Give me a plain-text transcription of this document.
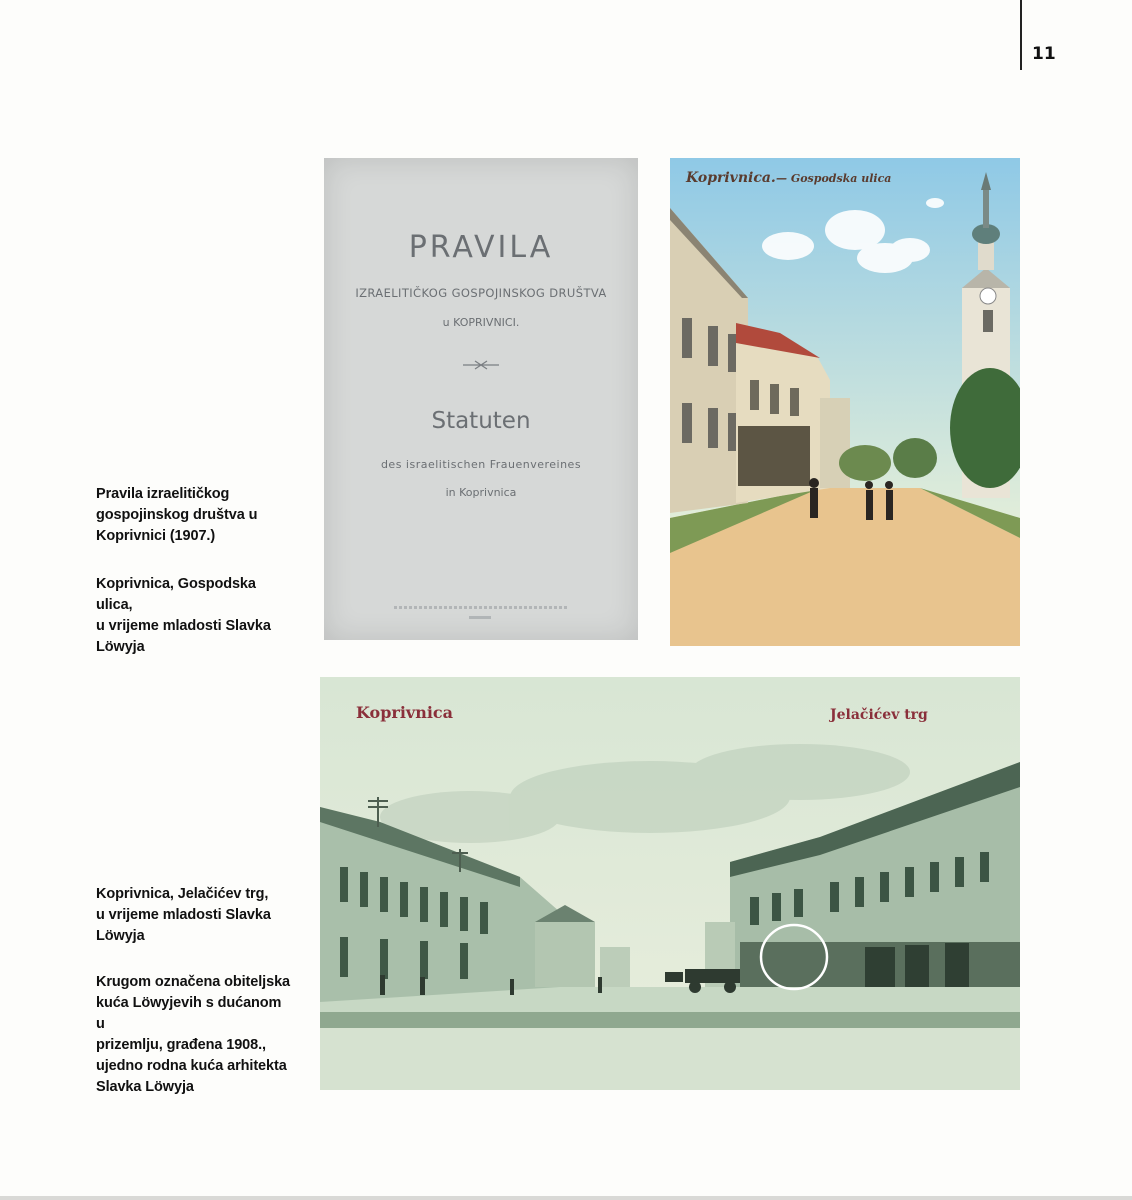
11
Pravila izraelitičkog
gospojinskog društva u
Koprivnici (1907.)
Koprivnica, Gospodska ulica,
u vrijeme mladosti Slavka
Löwyja
Koprivnica, Jelačićev trg,
u vrijeme mladosti Slavka
Löwyja
Krugom označena obiteljska
kuća Löwyjevih s dućanom u
prizemlju, građena 1908.,
ujedno rodna kuća arhitekta
Slavka Löwyja
PRAVILA
IZRAELITIČKOG GOSPOJINSKOG DRUŠTVA
u KOPRIVNICI.
Statuten
des israelitischen Frauenvereines
in Koprivnica
Koprivnica. — Gospodska ulica
Koprivnica	Jelačićev trg
